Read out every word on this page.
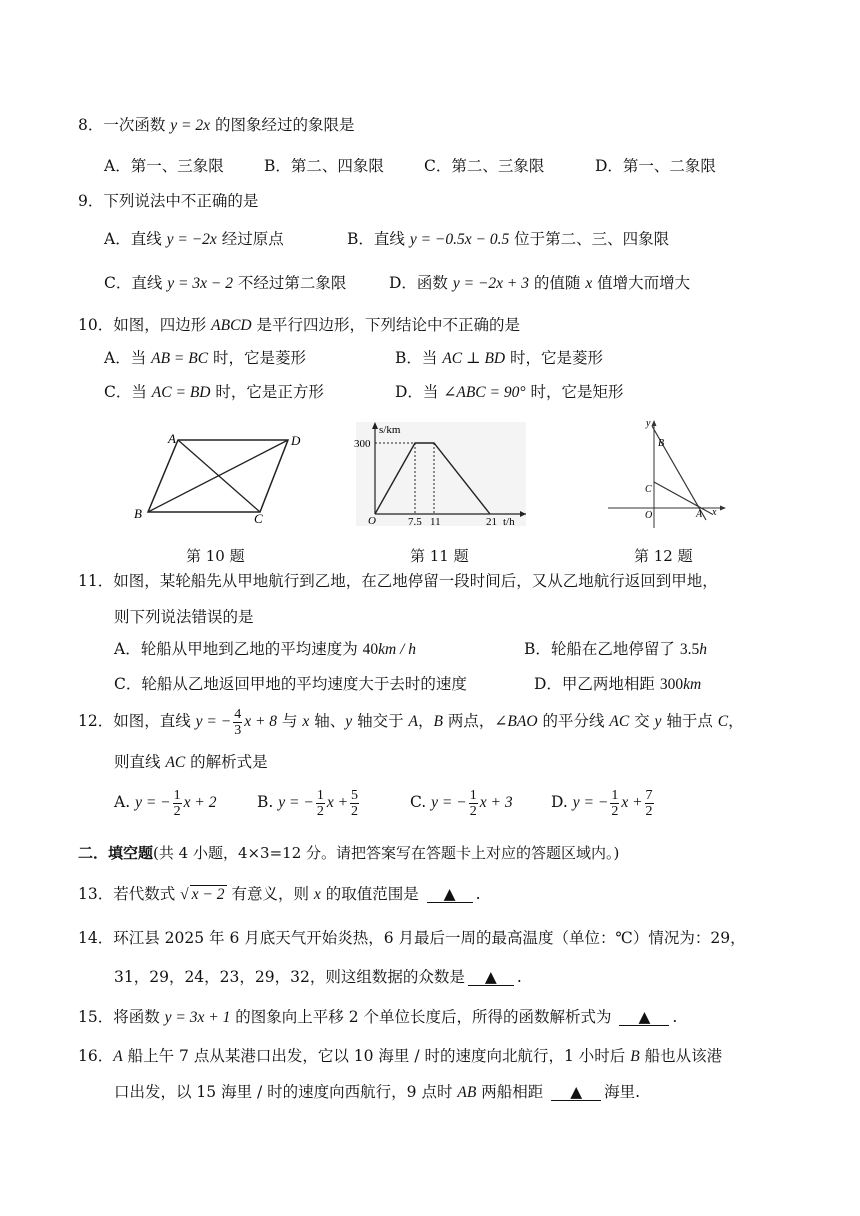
8．一次函数 y = 2x 的图象经过的象限是
A．第一、三象限	B．第二、四象限	C．第二、三象限	D．第一、二象限
9．下列说法中不正确的是
A．直线 y = −2x 经过原点	B．直线 y = −0.5x − 0.5 位于第二、三、四象限
C．直线 y = 3x − 2 不经过第二象限	D．函数 y = −2x + 3 的值随 x 值增大而增大
10．如图，四边形 ABCD 是平行四边形，下列结论中不正确的是
A．当 AB = BC 时，它是菱形	B．当 AC ⊥ BD 时，它是菱形
C．当 AC = BD 时，它是正方形	D．当 ∠ABC = 90° 时，它是矩形
A	D
B	C
第 10 题
s/km
300
O	7.5 11	21 t/h
第 11 题
y
x
B
C
O	A
第 12 题
11．如图，某轮船先从甲地航行到乙地，在乙地停留一段时间后，又从乙地航行返回到甲地，
则下列说法错误的是
A．轮船从甲地到乙地的平均速度为 40km / h	B．轮船在乙地停留了 3.5h
C．轮船从乙地返回甲地的平均速度大于去时的速度	D．甲乙两地相距 300km
12．如图，直线 y = − $\frac{4}{3}$ x + 8 与 x 轴、y 轴交于 A，B 两点，∠BAO 的平分线 AC 交 y 轴于点 C，
则直线 AC 的解析式是
A. y = − $\frac{1}{2}$ x + 2	B. y = − $\frac{1}{2}$ $x + \frac{5}{2}$	C. y = − $\frac{1}{2}$ x + 3 D. y = − $\frac{1}{2}$ $x + \frac{7}{2}$
二．填空题(共 4 小题，4×3=12 分。请把答案写在答题卡上对应的答题区域内。)
13．若代数式 √ x − 2 有意义，则 x 的取值范围是 ▲ .
14．环江县 2025 年 6 月底天气开始炎热，6 月最后一周的最高温度（单位：℃）情况为：29，
31，29，24，23，29，32，则这组数据的众数是 ▲ .
15．将函数 y = 3x + 1 的图象向上平移 2 个单位长度后，所得的函数解析式为 ▲ .
16．A 船上午 7 点从某港口出发，它以 10 海里 / 时的速度向北航行，1 小时后 B 船也从该港
口出发，以 15 海里 / 时的速度向西航行，9 点时 AB 两船相距 ▲ 海里.
